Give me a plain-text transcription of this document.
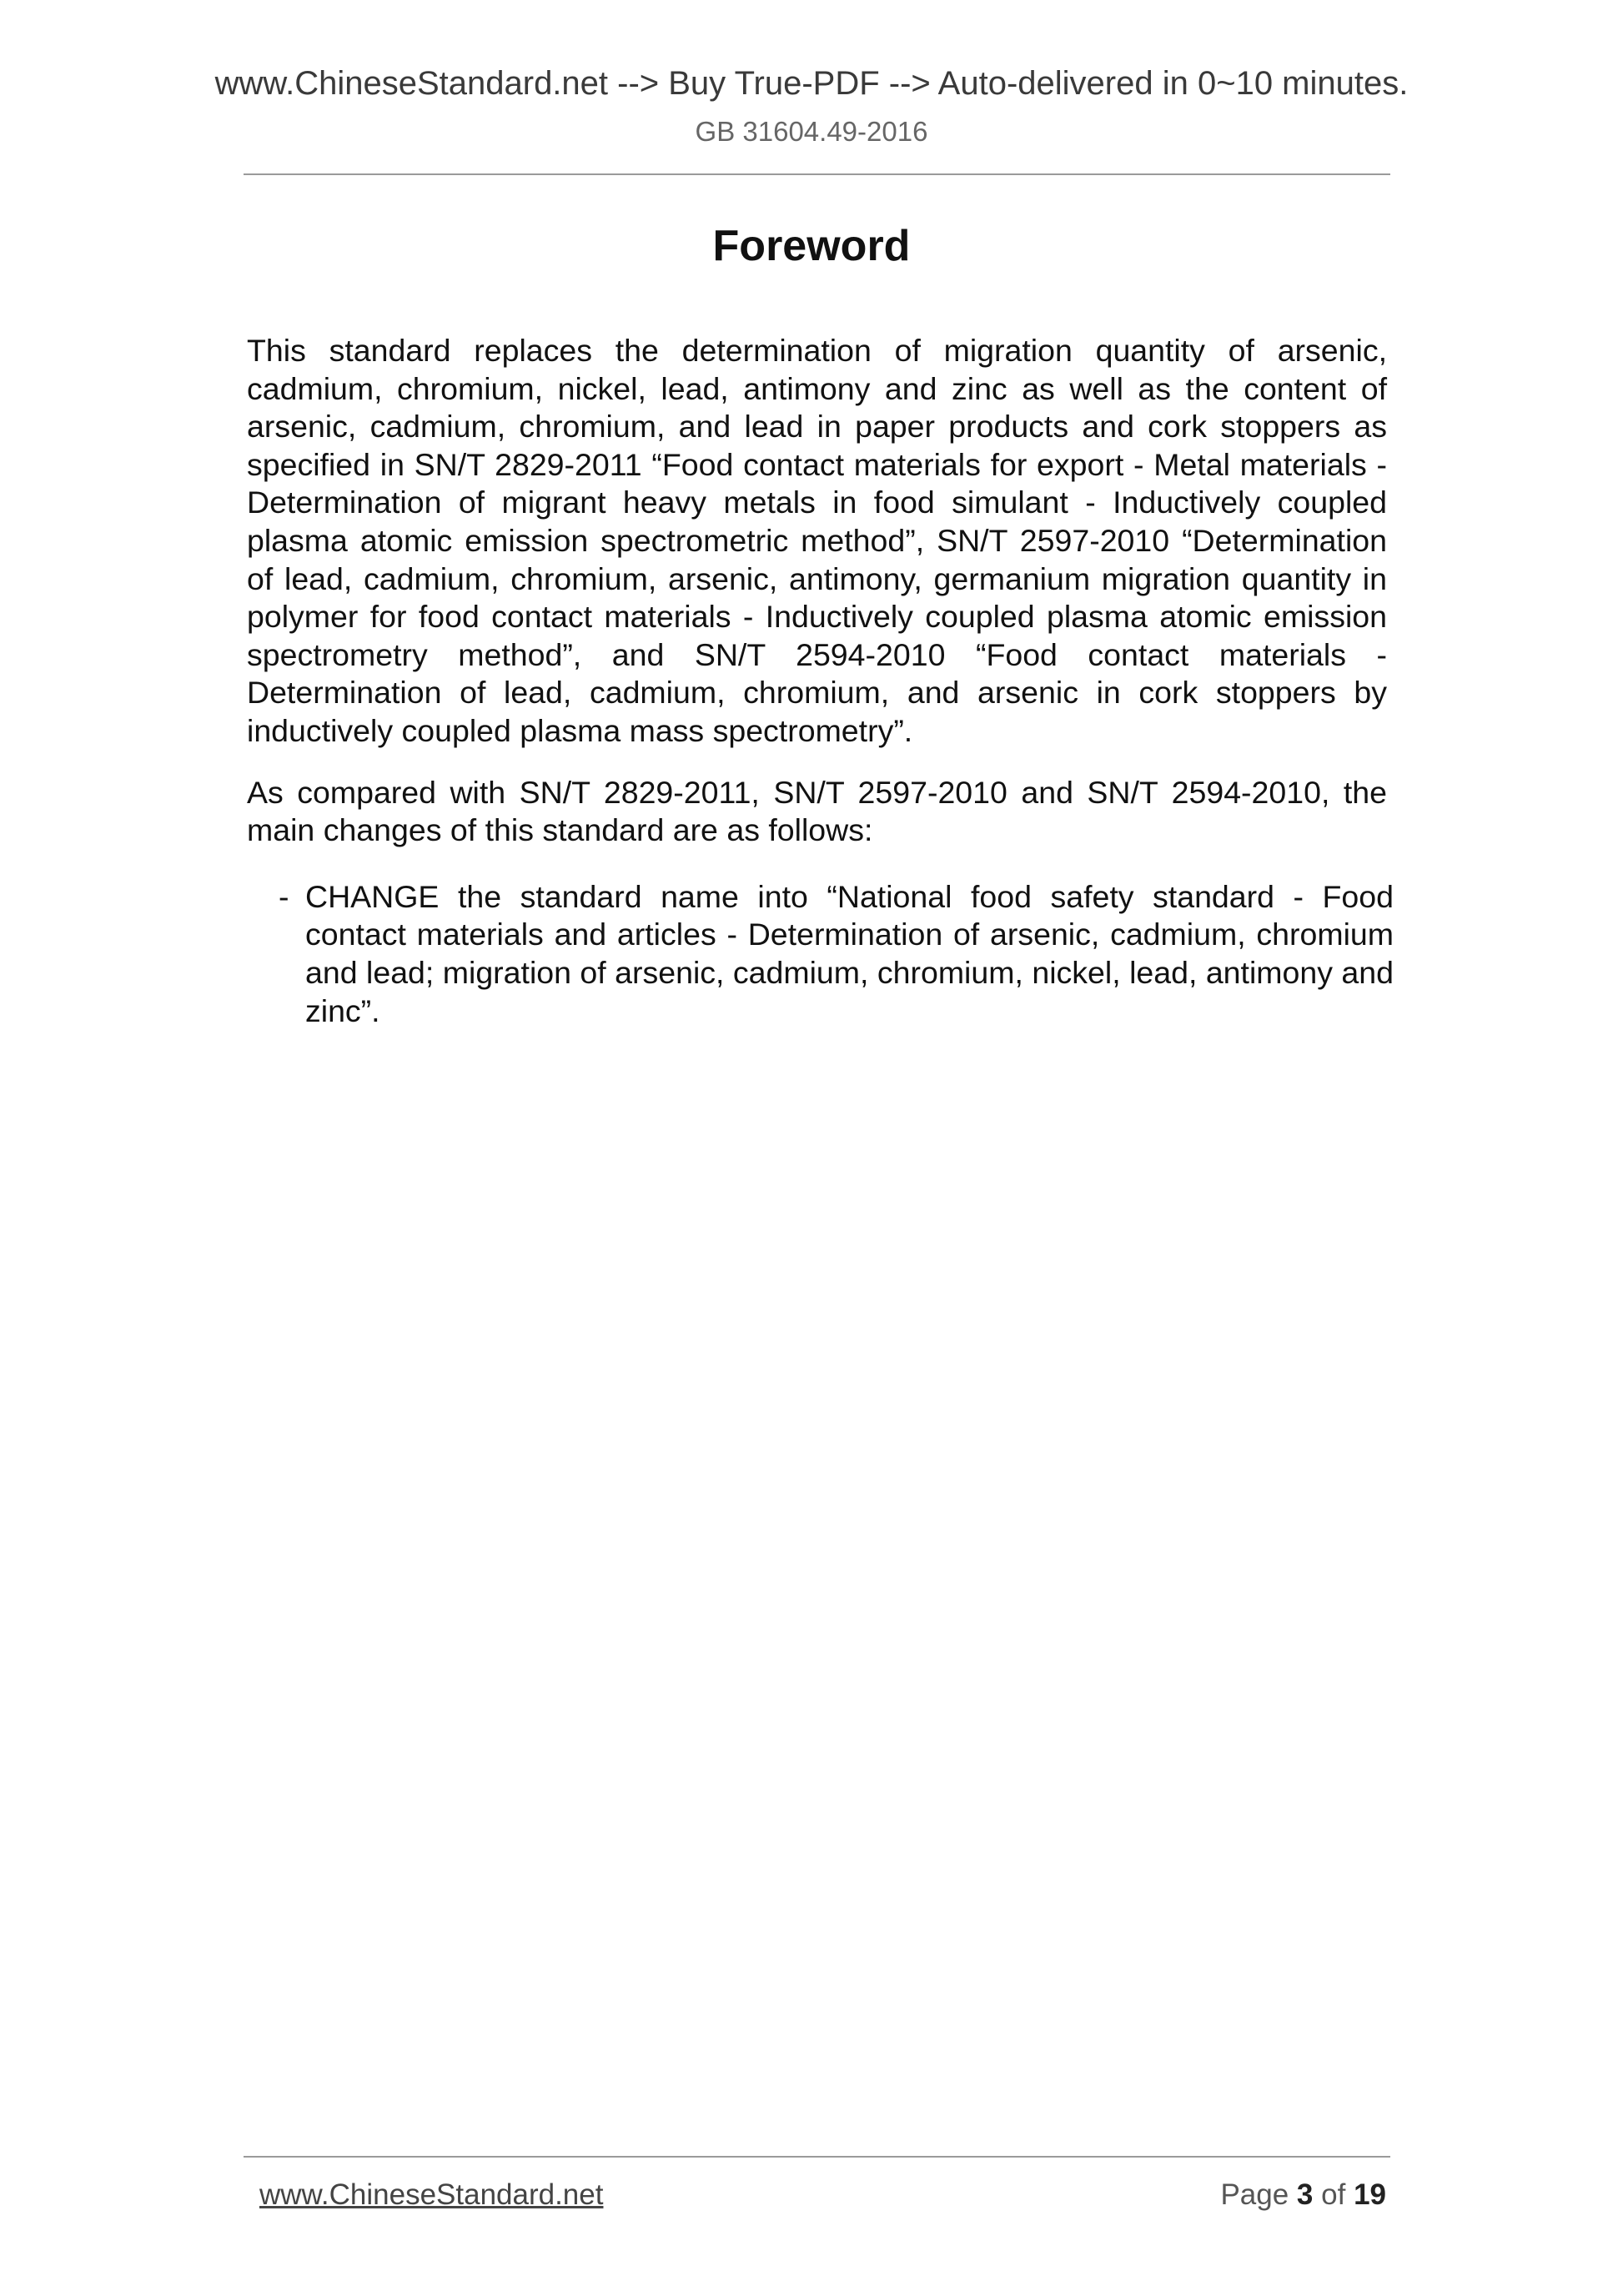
www.ChineseStandard.net --> Buy True-PDF --> Auto-delivered in 0~10 minutes.
GB 31604.49-2016
Foreword

This standard replaces the determination of migration quantity of arsenic, cadmium, chromium, nickel, lead, antimony and zinc as well as the content of arsenic, cadmium, chromium, and lead in paper products and cork stoppers as specified in SN/T 2829-2011 “Food contact materials for export - Metal materials - Determination of migrant heavy metals in food simulant - Inductively coupled plasma atomic emission spectrometric method”, SN/T 2597-2010 “Determination of lead, cadmium, chromium, arsenic, antimony, germanium migration quantity in polymer for food contact materials - Inductively coupled plasma atomic emission spectrometry method”, and SN/T 2594-2010 “Food contact materials - Determination of lead, cadmium, chromium, and arsenic in cork stoppers by inductively coupled plasma mass spectrometry”.

As compared with SN/T 2829-2011, SN/T 2597-2010 and SN/T 2594-2010, the main changes of this standard are as follows:

- CHANGE the standard name into “National food safety standard - Food contact materials and articles - Determination of arsenic, cadmium, chromium and lead; migration of arsenic, cadmium, chromium, nickel, lead, antimony and zinc”.
www.ChineseStandard.net	Page 3 of 19
